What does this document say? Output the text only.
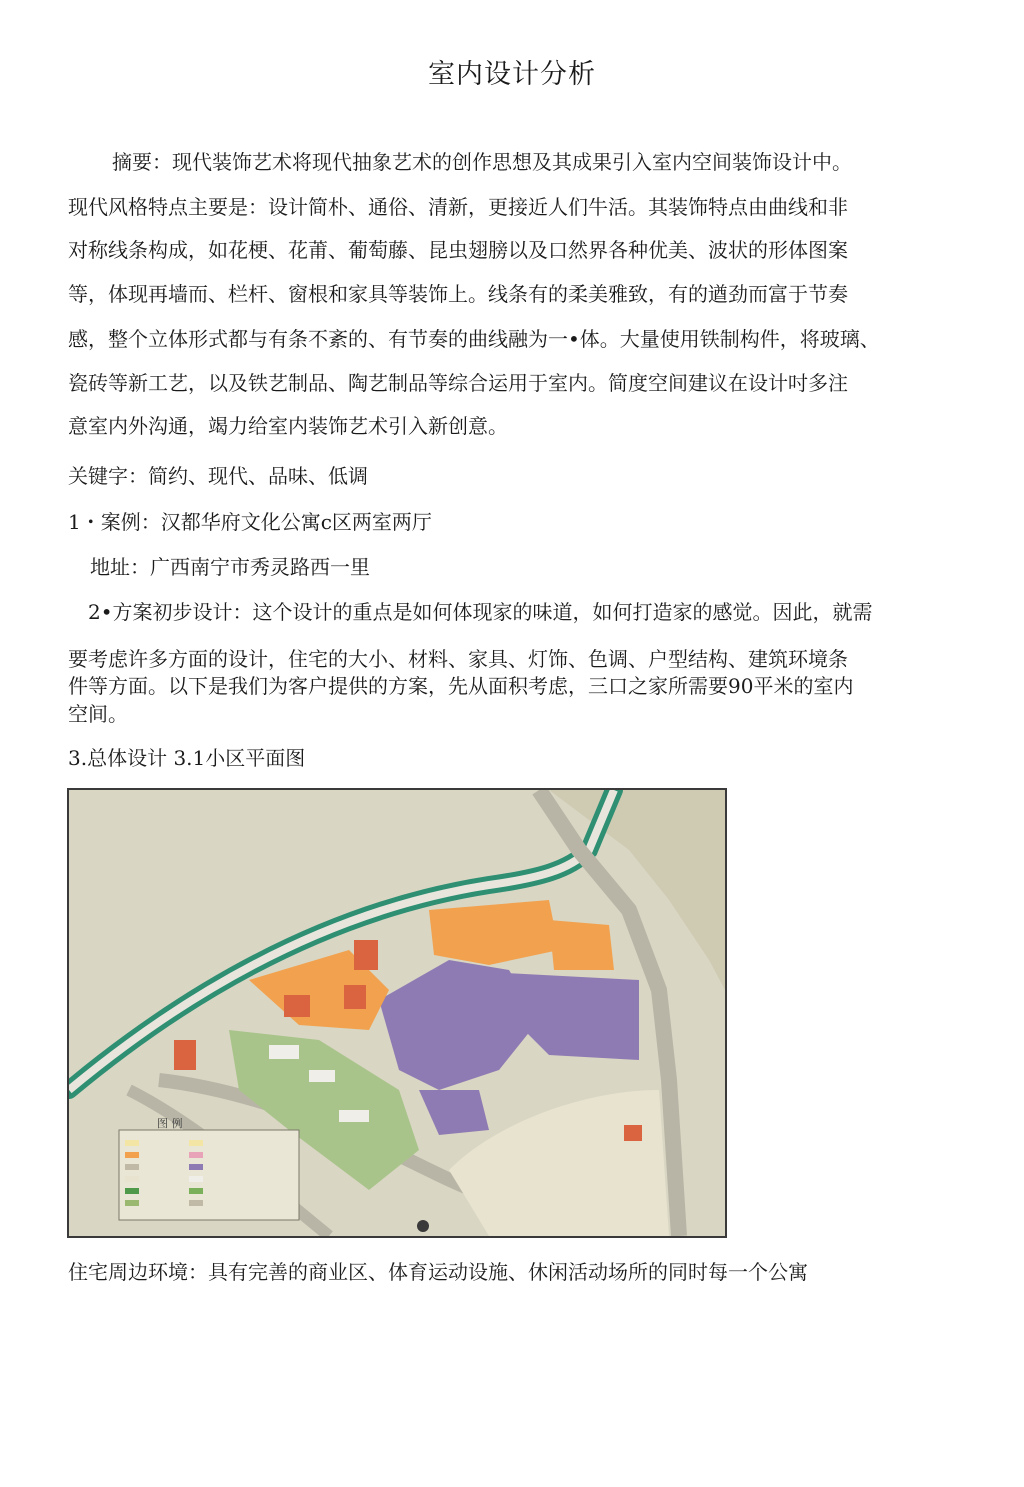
室内设计分析
摘要：现代装饰艺术将现代抽象艺术的创作思想及其成果引入室内空间装饰设计中。
现代风格特点主要是：设计简朴、通俗、清新，更接近人们牛活。其装饰特点由曲线和非
对称线条构成，如花梗、花莆、葡萄藤、昆虫翅膀以及口然界各种优美、波状的形体图案
等，体现再墙而、栏杆、窗根和家具等装饰上。线条有的柔美雅致，有的遒劲而富于节奏
感，整个立体形式都与有条不紊的、有节奏的曲线融为一•体。大量使用铁制构件，将玻璃、
瓷砖等新工艺，以及铁艺制品、陶艺制品等综合运用于室内。简度空间建议在设计吋多注
意室内外沟通，竭力给室内装饰艺术引入新创意。
关键字：简约、现代、品味、低调
1・案例：汉都华府文化公寓c区两室两厅
地址：广西南宁市秀灵路西一里
2•方案初步设计：这个设计的重点是如何体现家的味道，如何打造家的感觉。因此，就需
要考虑许多方面的设计，住宅的大小、材料、家具、灯饰、色调、户型结构、建筑环境条
件等方面。以下是我们为客户提供的方案，先从面积考虑，三口之家所需要90平米的室内
空间。
3.总体设计 3.1小区平面图
图 例
住宅周边环境：具有完善的商业区、体育运动设施、休闲活动场所的同时每一个公寓
